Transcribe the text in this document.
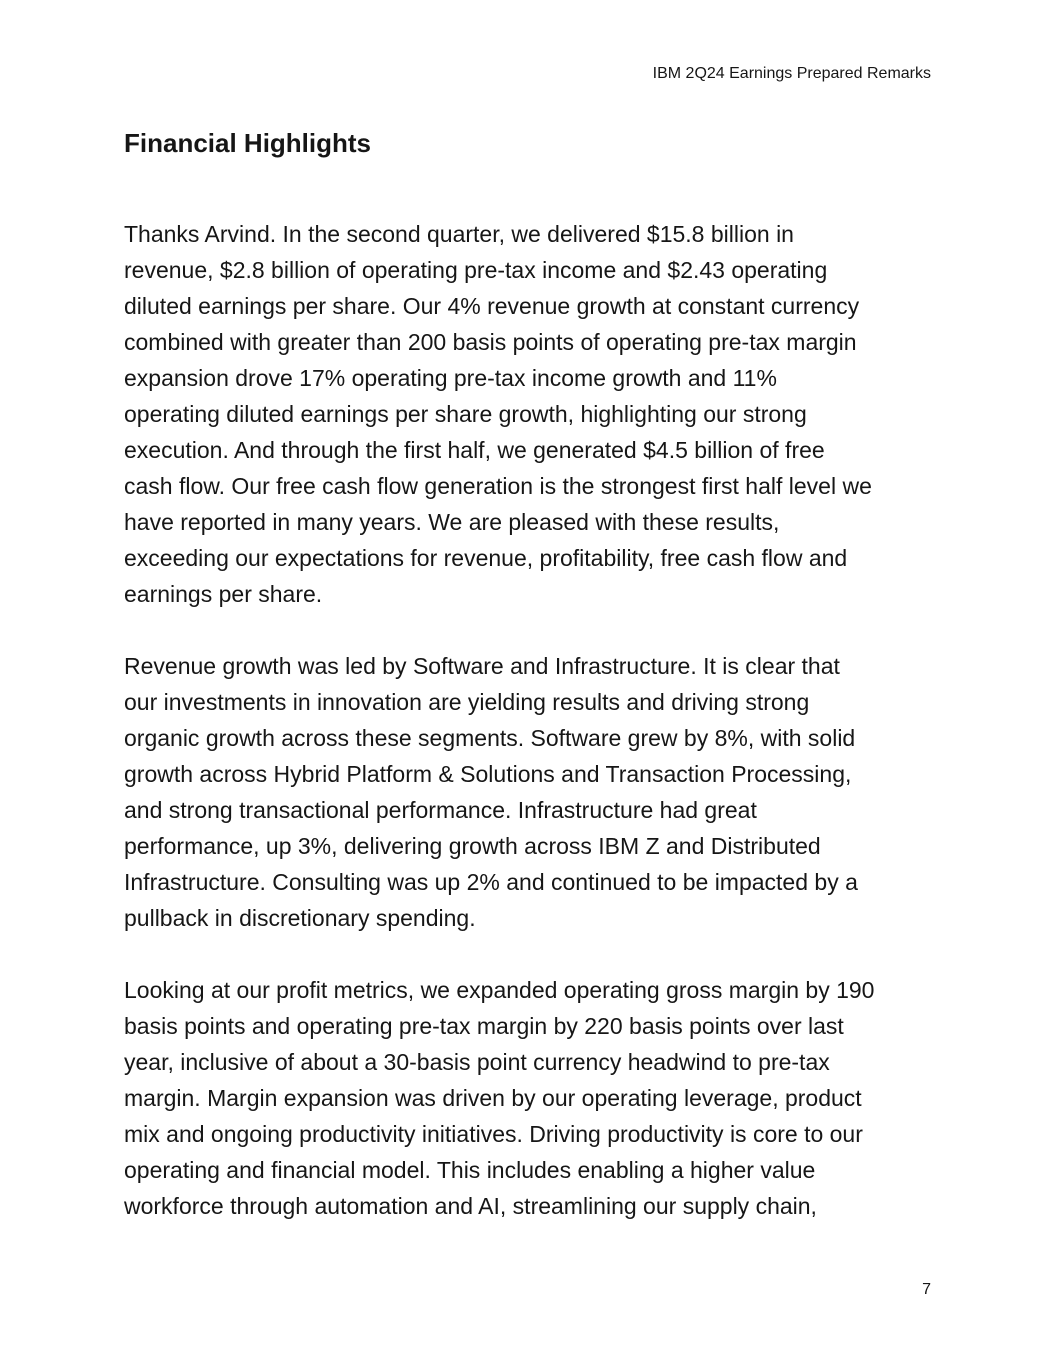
IBM 2Q24 Earnings Prepared Remarks
Financial Highlights

Thanks Arvind. In the second quarter, we delivered $15.8 billion in
revenue, $2.8 billion of operating pre-tax income and $2.43 operating
diluted earnings per share. Our 4% revenue growth at constant currency
combined with greater than 200 basis points of operating pre-tax margin
expansion drove 17% operating pre-tax income growth and 11%
operating diluted earnings per share growth, highlighting our strong
execution. And through the first half, we generated $4.5 billion of free
cash flow. Our free cash flow generation is the strongest first half level we
have reported in many years. We are pleased with these results,
exceeding our expectations for revenue, profitability, free cash flow and
earnings per share.

Revenue growth was led by Software and Infrastructure. It is clear that
our investments in innovation are yielding results and driving strong
organic growth across these segments. Software grew by 8%, with solid
growth across Hybrid Platform & Solutions and Transaction Processing,
and strong transactional performance. Infrastructure had great
performance, up 3%, delivering growth across IBM Z and Distributed
Infrastructure. Consulting was up 2% and continued to be impacted by a
pullback in discretionary spending.

Looking at our profit metrics, we expanded operating gross margin by 190
basis points and operating pre-tax margin by 220 basis points over last
year, inclusive of about a 30-basis point currency headwind to pre-tax
margin. Margin expansion was driven by our operating leverage, product
mix and ongoing productivity initiatives. Driving productivity is core to our
operating and financial model. This includes enabling a higher value
workforce through automation and AI, streamlining our supply chain,

7
